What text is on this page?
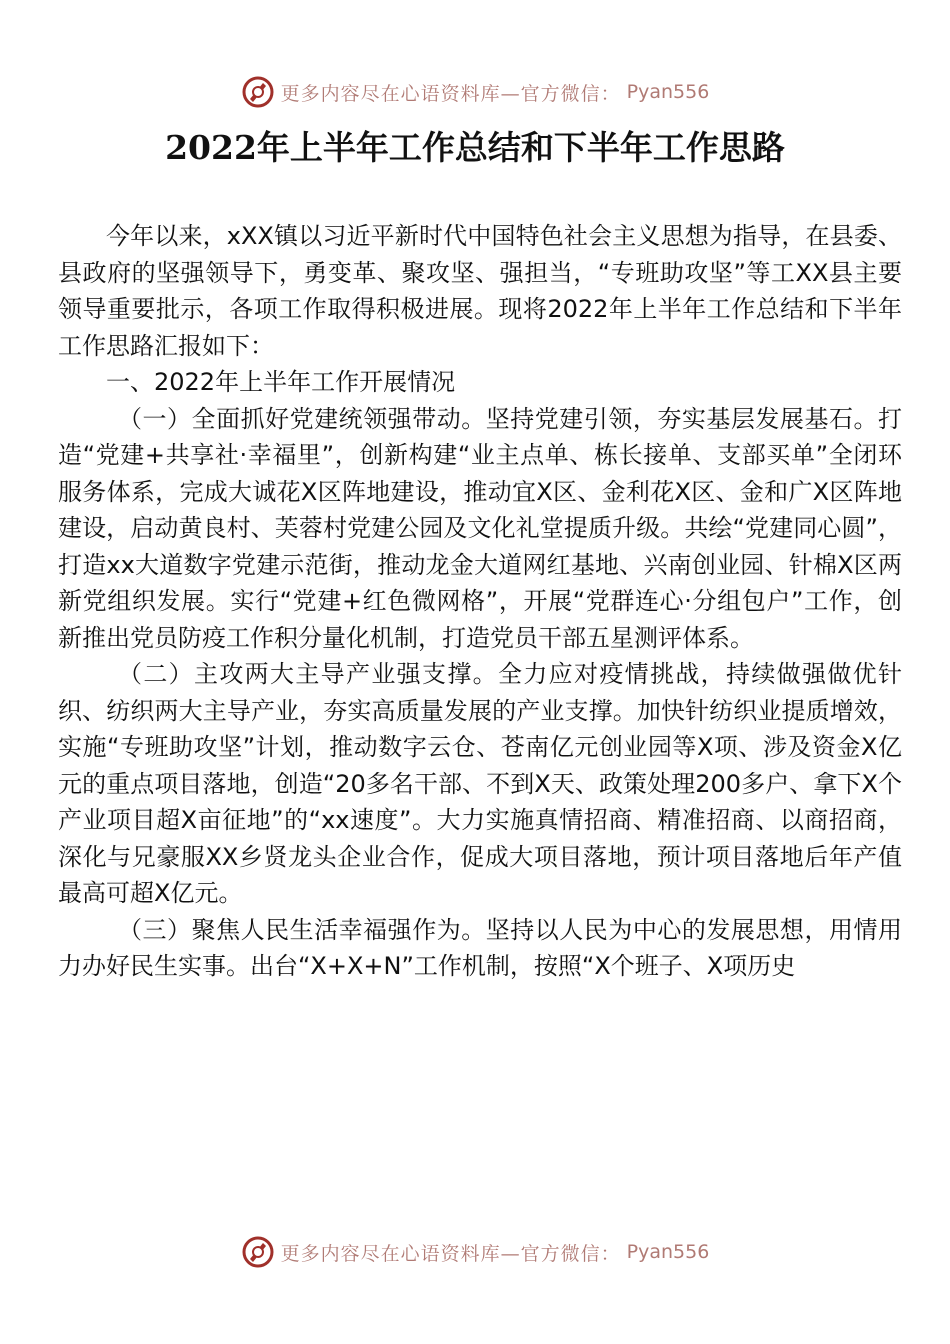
更多内容尽在心语资料库—官方微信： Pyan556
2022年上半年工作总结和下半年工作思路

今年以来，xXX镇以习近平新时代中国特色社会主义思想为指导，在县委、县政府的坚强领导下，勇变革、聚攻坚、强担当，“专班助攻坚”等工XX县主要领导重要批示，各项工作取得积极进展。现将2022年上半年工作总结和下半年工作思路汇报如下：

一、2022年上半年工作开展情况

（一）全面抓好党建统领强带动。坚持党建引领，夯实基层发展基石。打造“党建+共享社·幸福里”，创新构建“业主点单、栋长接单、支部买单”全闭环服务体系，完成大诚花X区阵地建设，推动宜X区、金利花X区、金和广X区阵地建设，启动黄良村、芙蓉村党建公园及文化礼堂提质升级。共绘“党建同心圆”，打造xx大道数字党建示范街，推动龙金大道网红基地、兴南创业园、针棉X区两新党组织发展。实行“党建+红色微网格”，开展“党群连心·分组包户”工作，创新推出党员防疫工作积分量化机制，打造党员干部五星测评体系。

（二）主攻两大主导产业强支撑。全力应对疫情挑战，持续做强做优针织、纺织两大主导产业，夯实高质量发展的产业支撑。加快针纺织业提质增效，实施“专班助攻坚”计划，推动数字云仓、苍南亿元创业园等X项、涉及资金X亿元的重点项目落地，创造“20多名干部、不到X天、政策处理200多户、拿下X个产业项目超X亩征地”的“xx速度”。大力实施真情招商、精准招商、以商招商，深化与兄豪服XX乡贤龙头企业合作，促成大项目落地，预计项目落地后年产值最高可超X亿元。

（三）聚焦人民生活幸福强作为。坚持以人民为中心的发展思想，用情用力办好民生实事。出台“X+X+N”工作机制，按照“X个班子、X项历史

更多内容尽在心语资料库—官方微信： Pyan556
